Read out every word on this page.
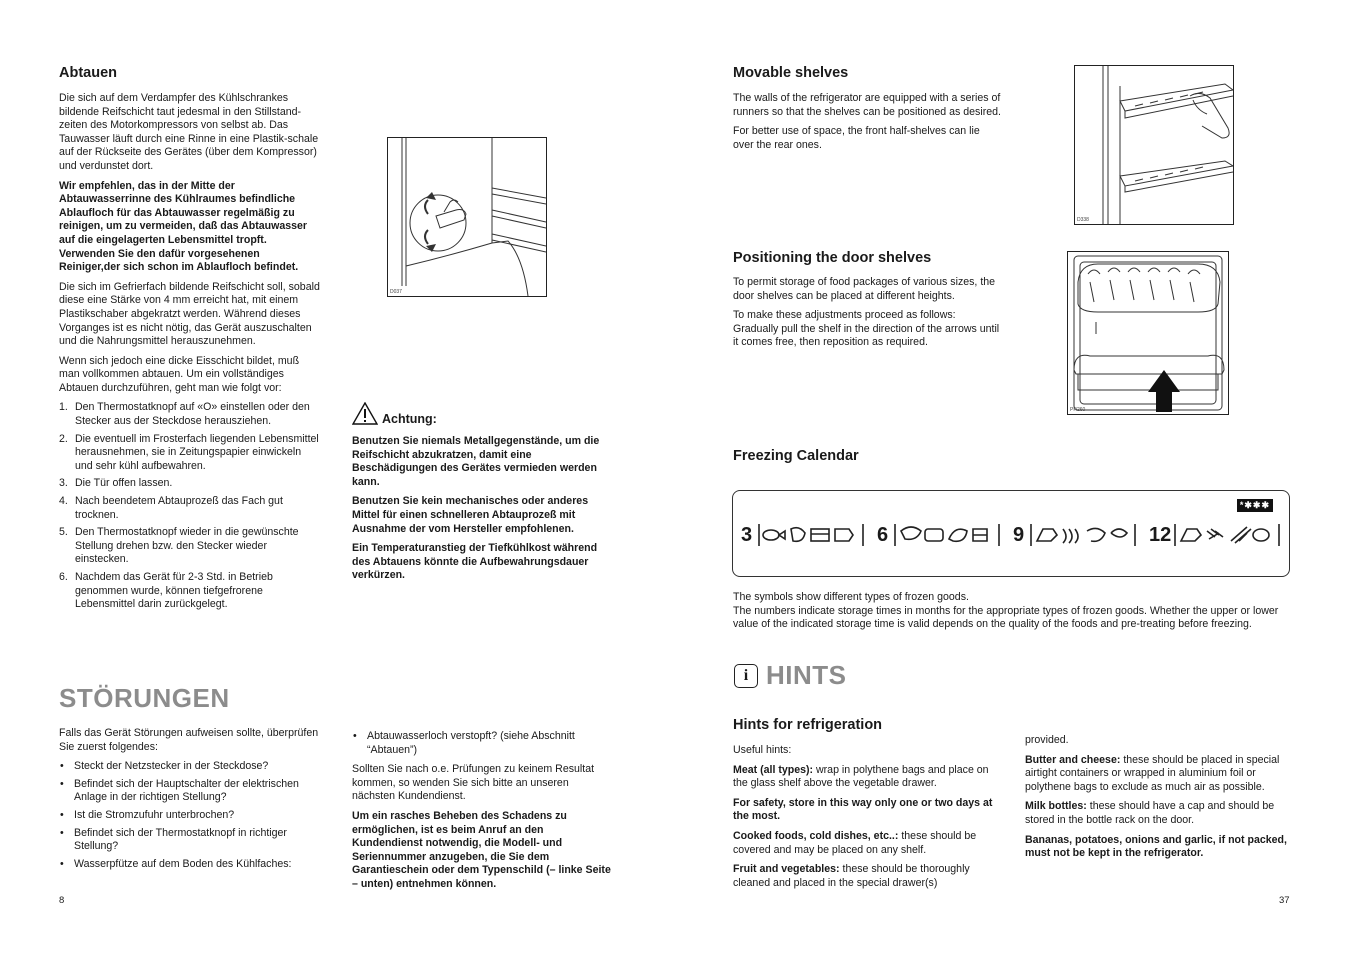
Abtauen

Die sich auf dem Verdampfer des Kühlschrankes bildende Reifschicht taut jedesmal in den Stillstand-zeiten des Motorkompressors von selbst ab. Das Tauwasser läuft durch eine Rinne in eine Plastik-schale auf der Rückseite des Gerätes (über dem Kompressor) und verdunstet dort.

Wir empfehlen, das in der Mitte der Abtauwasserrinne des Kühlraumes befindliche Ablaufloch für das Abtauwasser regelmäßig zu reinigen, um zu vermeiden, daß das Abtauwasser auf die eingelagerten Lebensmittel tropft. Verwenden Sie den dafür vorgesehenen Reiniger,der sich schon im Ablaufloch befindet.

Die sich im Gefrierfach bildende Reifschicht soll, sobald diese eine Stärke von 4 mm erreicht hat, mit einem Plastikschaber abgekratzt werden. Während dieses Vorganges ist es nicht nötig, das Gerät auszuschalten und die Nahrungsmittel herauszunehmen.

Wenn sich jedoch eine dicke Eisschicht bildet, muß man vollkommen abtauen. Um ein vollständiges Abtauen durchzuführen, geht man wie folgt vor:

1. Den Thermostatknopf auf «O» einstellen oder den Stecker aus der Steckdose herausziehen.
2. Die eventuell im Frosterfach liegenden Lebensmittel herausnehmen, sie in Zeitungspapier einwickeln und sehr kühl aufbewahren.
3. Die Tür offen lassen.
4. Nach beendetem Abtauprozeß das Fach gut trocknen.
5. Den Thermostatknopf wieder in die gewünschte Stellung drehen bzw. den Stecker wieder einstecken.
6. Nachdem das Gerät für 2-3 Std. in Betrieb genommen wurde, können tiefgefrorene Lebensmittel darin zurückgelegt.
D037
Achtung:

Benutzen Sie niemals Metallgegenstände, um die Reifschicht abzukratzen, damit eine Beschädigungen des Gerätes vermieden werden kann.

Benutzen Sie kein mechanisches oder anderes Mittel für einen schnelleren Abtauprozeß mit Ausnahme der vom Hersteller empfohlenen.

Ein Temperaturanstieg der Tiefkühlkost während des Abtauens könnte die Aufbewahrungsdauer verkürzen.

STÖRUNGEN

Falls das Gerät Störungen aufweisen sollte, überprüfen Sie zuerst folgendes:

• Steckt der Netzstecker in der Steckdose?
• Befindet sich der Hauptschalter der elektrischen Anlage in der richtigen Stellung?
• Ist die Stromzufuhr unterbrochen?
• Befindet sich der Thermostatknopf in richtiger Stellung?
• Wasserpfütze auf dem Boden des Kühlfaches:
• Abtauwasserloch verstopft? (siehe Abschnitt “Abtauen”)

Sollten Sie nach o.e. Prüfungen zu keinem Resultat kommen, so wenden Sie sich bitte an unseren nächsten Kundendienst.

Um ein rasches Beheben des Schadens zu ermöglichen, ist es beim Anruf an den Kundendienst notwendig, die Modell- und Seriennummer anzugeben, die Sie dem Garantieschein oder dem Typenschild (– linke Seite – unten) entnehmen können.

8
Movable shelves

The walls of the refrigerator are equipped with a series of runners so that the shelves can be positioned as desired.

For better use of space, the front half-shelves can lie over the rear ones.

D338
Positioning the door shelves

To permit storage of food packages of various sizes, the door shelves can be placed at different heights.

To make these adjustments proceed as follows: Gradually pull the shelf in the direction of the arrows until it comes free, then reposition as required.

PR260
Freezing Calendar
*✱✱✱
3	6	9	12

The symbols show different types of frozen goods.

The numbers indicate storage times in months for the appropriate types of frozen goods. Whether the upper or lower value of the indicated storage time is valid depends on the quality of the foods and pre-treating before freezing.

i HINTS
Hints for refrigeration

Useful hints:

Meat (all types): wrap in polythene bags and place on the glass shelf above the vegetable drawer.

For safety, store in this way only one or two days at the most.

Cooked foods, cold dishes, etc..: these should be covered and may be placed on any shelf.

Fruit and vegetables: these should be thoroughly cleaned and placed in the special drawer(s)

provided.

Butter and cheese: these should be placed in special airtight containers or wrapped in aluminium foil or polythene bags to exclude as much air as possible.

Milk bottles: these should have a cap and should be stored in the bottle rack on the door.

Bananas, potatoes, onions and garlic, if not packed, must not be kept in the refrigerator.

37
